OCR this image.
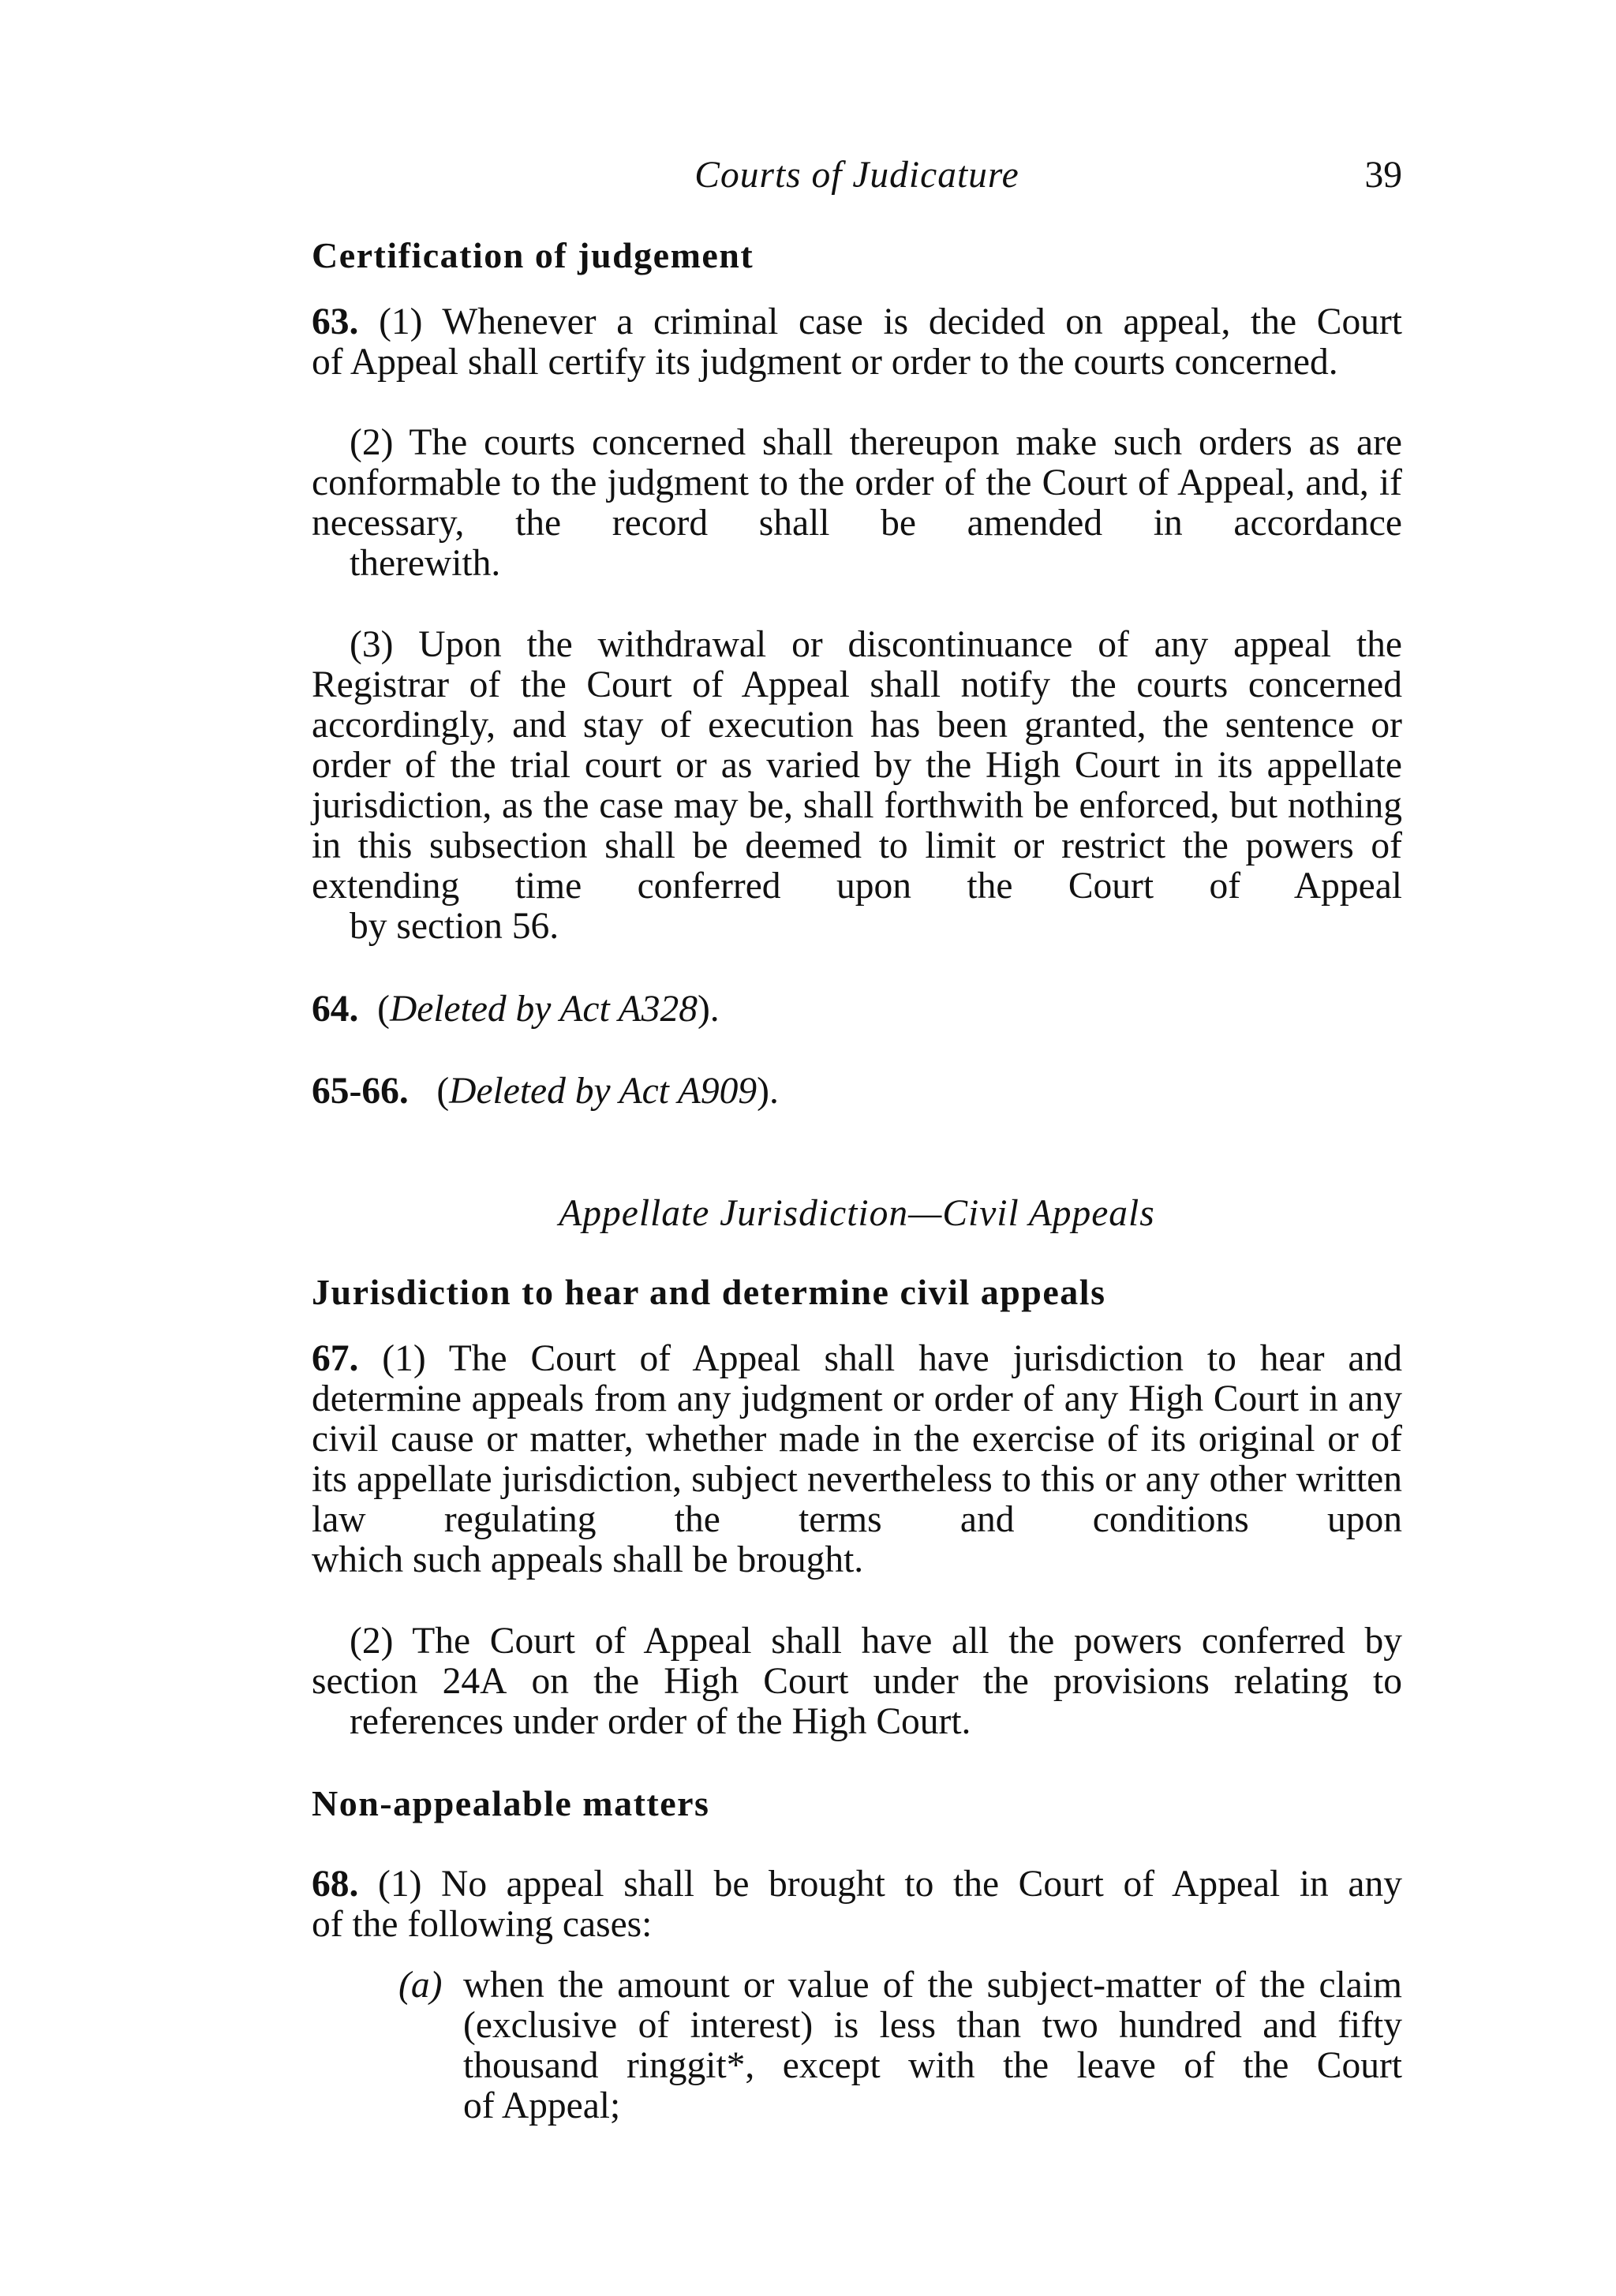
Courts of Judicature	39
Certification of judgement

63. (1) Whenever a criminal case is decided on appeal, the Court
of Appeal shall certify its judgment or order to the courts concerned.

(2) The courts concerned shall thereupon make such orders as are conformable to the judgment to the order of the Court of Appeal, and, if necessary, the record shall be amended in accordance
therewith.

(3) Upon the withdrawal or discontinuance of any appeal the Registrar of the Court of Appeal shall notify the courts concerned accordingly, and stay of execution has been granted, the sentence or order of the trial court or as varied by the High Court in its appellate jurisdiction, as the case may be, shall forthwith be enforced, but nothing in this subsection shall be deemed to limit or restrict the powers of extending time conferred upon the Court of Appeal
by section 56.

64. (Deleted by Act A328).

65-66. (Deleted by Act A909).

Appellate Jurisdiction—Civil Appeals
Jurisdiction to hear and determine civil appeals

67. (1) The Court of Appeal shall have jurisdiction to hear and determine appeals from any judgment or order of any High Court in any civil cause or matter, whether made in the exercise of its original or of its appellate jurisdiction, subject nevertheless to this or any other written law regulating the terms and conditions upon
which such appeals shall be brought.

(2) The Court of Appeal shall have all the powers conferred by section 24A on the High Court under the provisions relating to
references under order of the High Court.

Non-appealable matters

68. (1) No appeal shall be brought to the Court of Appeal in any
of the following cases:

(a) when the amount or value of the subject-matter of the claim (exclusive of interest) is less than two hundred and fifty thousand ringgit*, except with the leave of the Court
of Appeal;
